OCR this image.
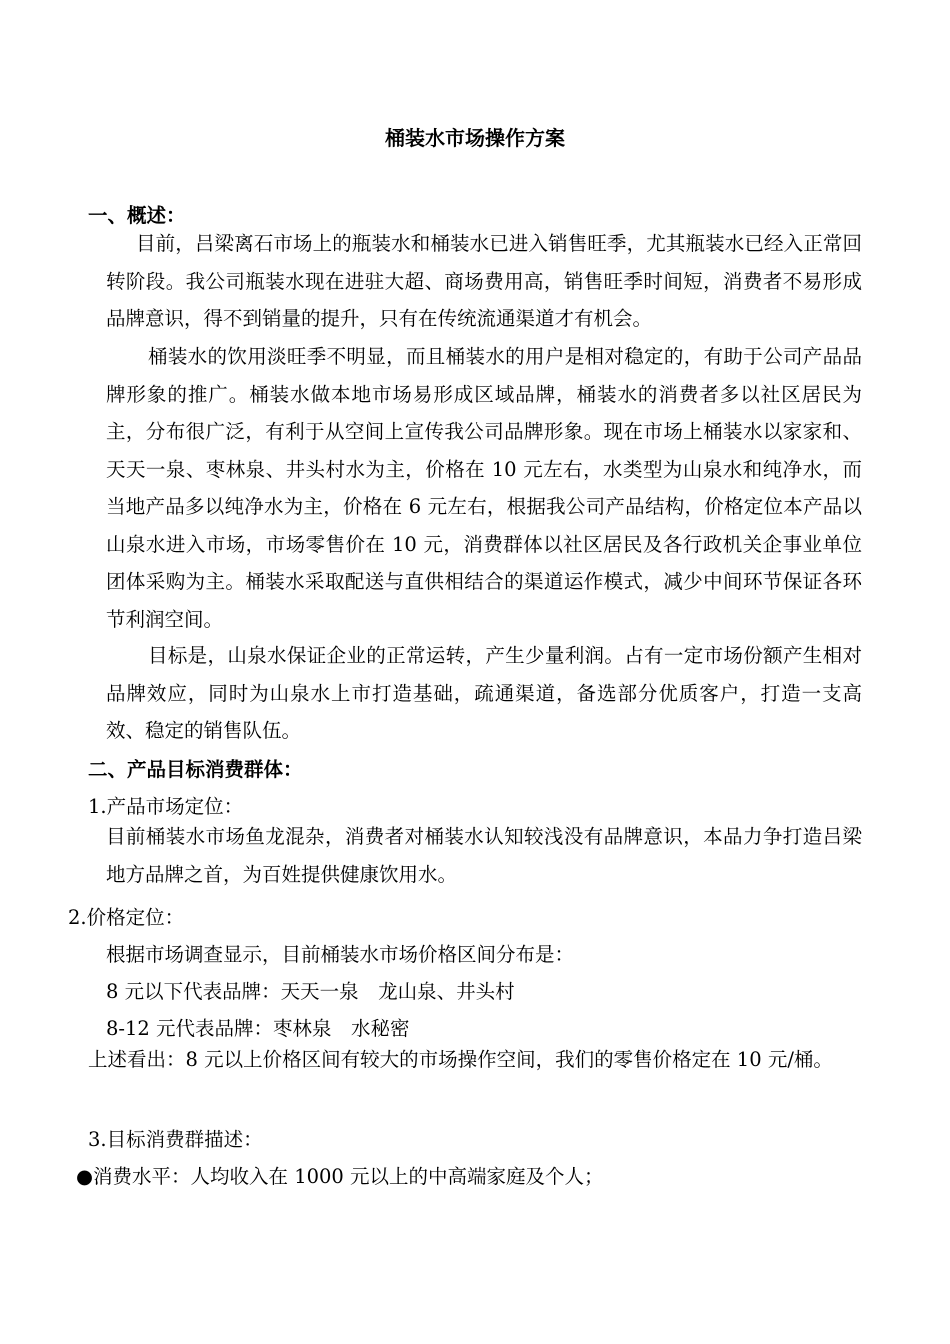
桶装水市场操作方案
一、概述：

目前，吕梁离石市场上的瓶装水和桶装水已进入销售旺季，尤其瓶装水已经入正常回转阶段。我公司瓶装水现在进驻大超、商场费用高，销售旺季时间短，消费者不易形成品牌意识，得不到销量的提升，只有在传统流通渠道才有机会。

桶装水的饮用淡旺季不明显，而且桶装水的用户是相对稳定的，有助于公司产品品牌形象的推广。桶装水做本地市场易形成区域品牌，桶装水的消费者多以社区居民为主，分布很广泛，有利于从空间上宣传我公司品牌形象。现在市场上桶装水以家家和、天天一泉、枣林泉、井头村水为主，价格在 10 元左右，水类型为山泉水和纯净水，而当地产品多以纯净水为主，价格在 6 元左右，根据我公司产品结构，价格定位本产品以山泉水进入市场，市场零售价在 10 元，消费群体以社区居民及各行政机关企事业单位团体采购为主。桶装水采取配送与直供相结合的渠道运作模式，减少中间环节保证各环节利润空间。

目标是，山泉水保证企业的正常运转，产生少量利润。占有一定市场份额产生相对品牌效应，同时为山泉水上市打造基础，疏通渠道，备选部分优质客户，打造一支高效、稳定的销售队伍。

二、产品目标消费群体：
1.产品市场定位：

目前桶装水市场鱼龙混杂，消费者对桶装水认知较浅没有品牌意识，本品力争打造吕梁地方品牌之首，为百姓提供健康饮用水。

2.价格定位：
根据市场调查显示，目前桶装水市场价格区间分布是：
8 元以下代表品牌：天天一泉　龙山泉、井头村
8-12 元代表品牌：枣林泉　水秘密

上述看出：8 元以上价格区间有较大的市场操作空间，我们的零售价格定在 10 元/桶。

3.目标消费群描述：
●消费水平：人均收入在 1000 元以上的中高端家庭及个人；
